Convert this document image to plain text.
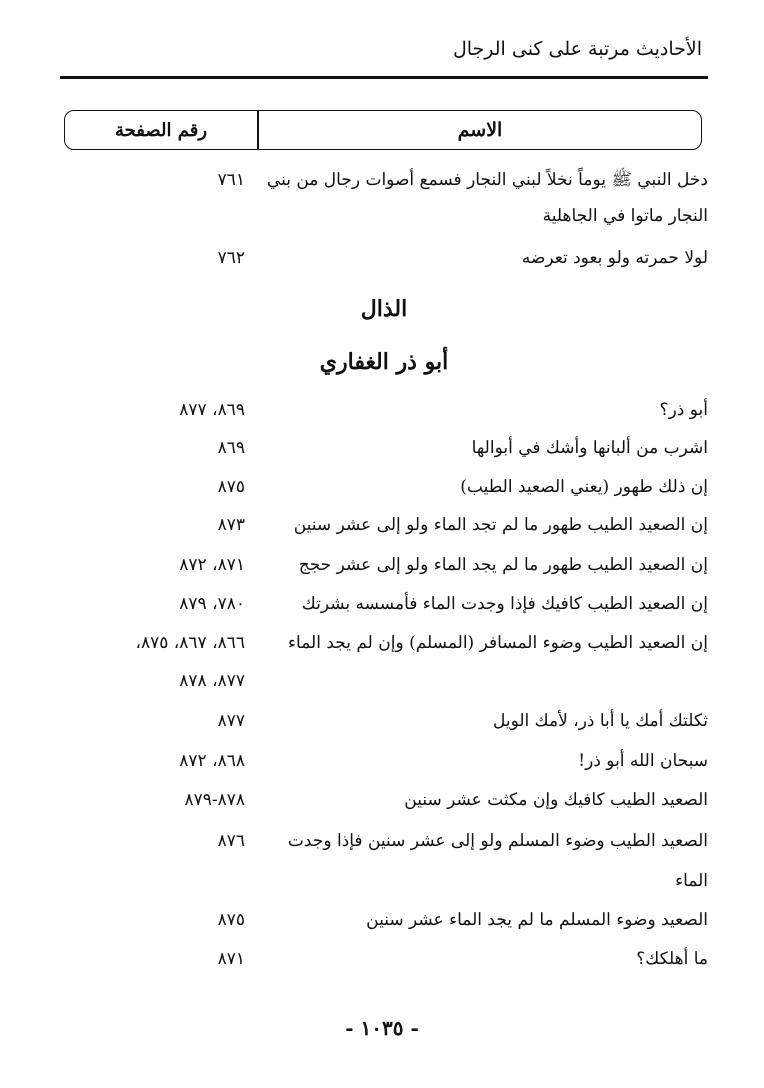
الأحاديث مرتبة على كنى الرجال
رقم الصفحة	الاسم
دخل النبي ﷺ يوماً نخلاً لبني النجار فسمع أصوات رجال من بني
٧٦١
النجار ماتوا في الجاهلية
لولا حمرته ولو بعود تعرضه
٧٦٢
الذال
أبو ذر الغفاري
أبو ذر؟
٨٦٩، ٨٧٧
اشرب من ألبانها وأشك في أبوالها
٨٦٩
إن ذلك طهور (يعني الصعيد الطيب)
٨٧٥
إن الصعيد الطيب طهور ما لم تجد الماء ولو إلى عشر سنين
٨٧٣
إن الصعيد الطيب طهور ما لم يجد الماء ولو إلى عشر حجج
٨٧١، ٨٧٢
إن الصعيد الطيب كافيك فإذا وجدت الماء فأمسسه بشرتك
٧٨٠، ٨٧٩
إن الصعيد الطيب وضوء المسافر (المسلم) وإن لم يجد الماء
٨٦٦، ٨٦٧، ٨٧٥،
٨٧٧، ٨٧٨
ثكلتك أمك يا أبا ذر، لأمك الويل
٨٧٧
سبحان الله أبو ذر!
٨٦٨، ٨٧٢
الصعيد الطيب كافيك وإن مكثت عشر سنين
٨٧٨-٨٧٩
الصعيد الطيب وضوء المسلم ولو إلى عشر سنين فإذا وجدت
٨٧٦
الماء
الصعيد وضوء المسلم ما لم يجد الماء عشر سنين
٨٧٥
ما أهلكك؟
٨٧١
- ١٠٣٥ -
